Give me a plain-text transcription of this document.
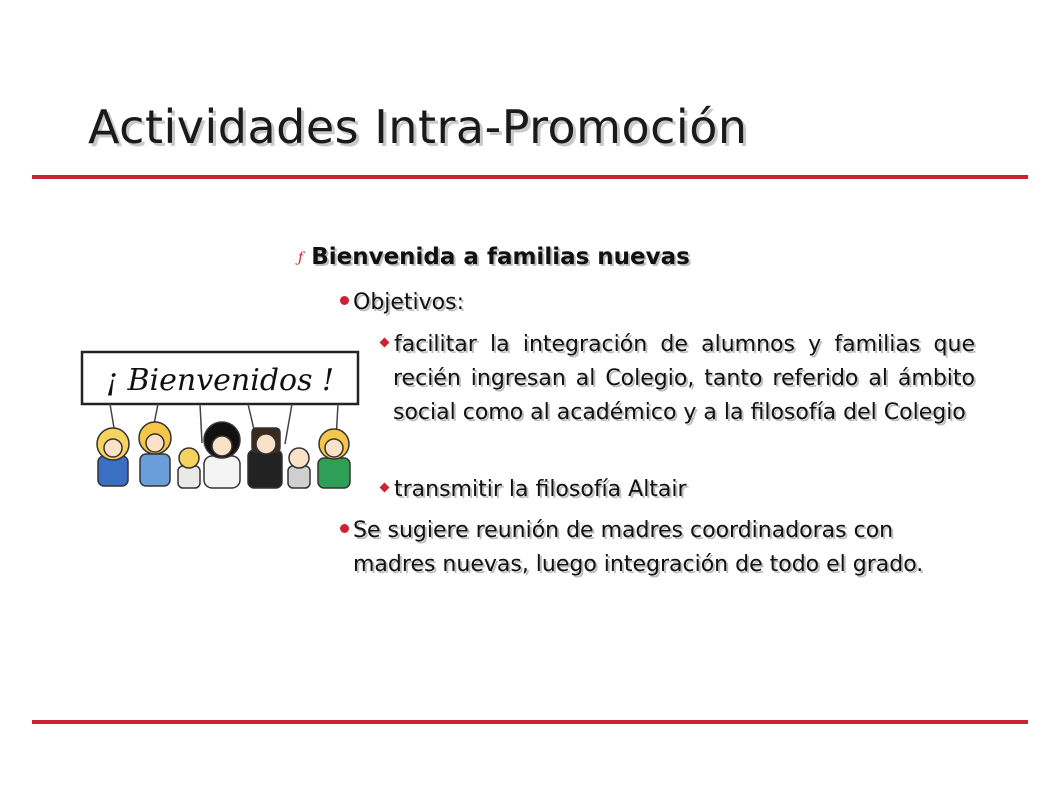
Actividades Intra-Promoción
¡ Bienvenidos !
ƒ Bienvenida a familias nuevas
Objetivos:
facilitar la integración de alumnos y familias que recién ingresan al Colegio, tanto referido al ámbito social como al académico y a la filosofía del Colegio
transmitir la filosofía Altair
Se sugiere reunión de madres coordinadoras con madres nuevas, luego integración de todo el grado.
